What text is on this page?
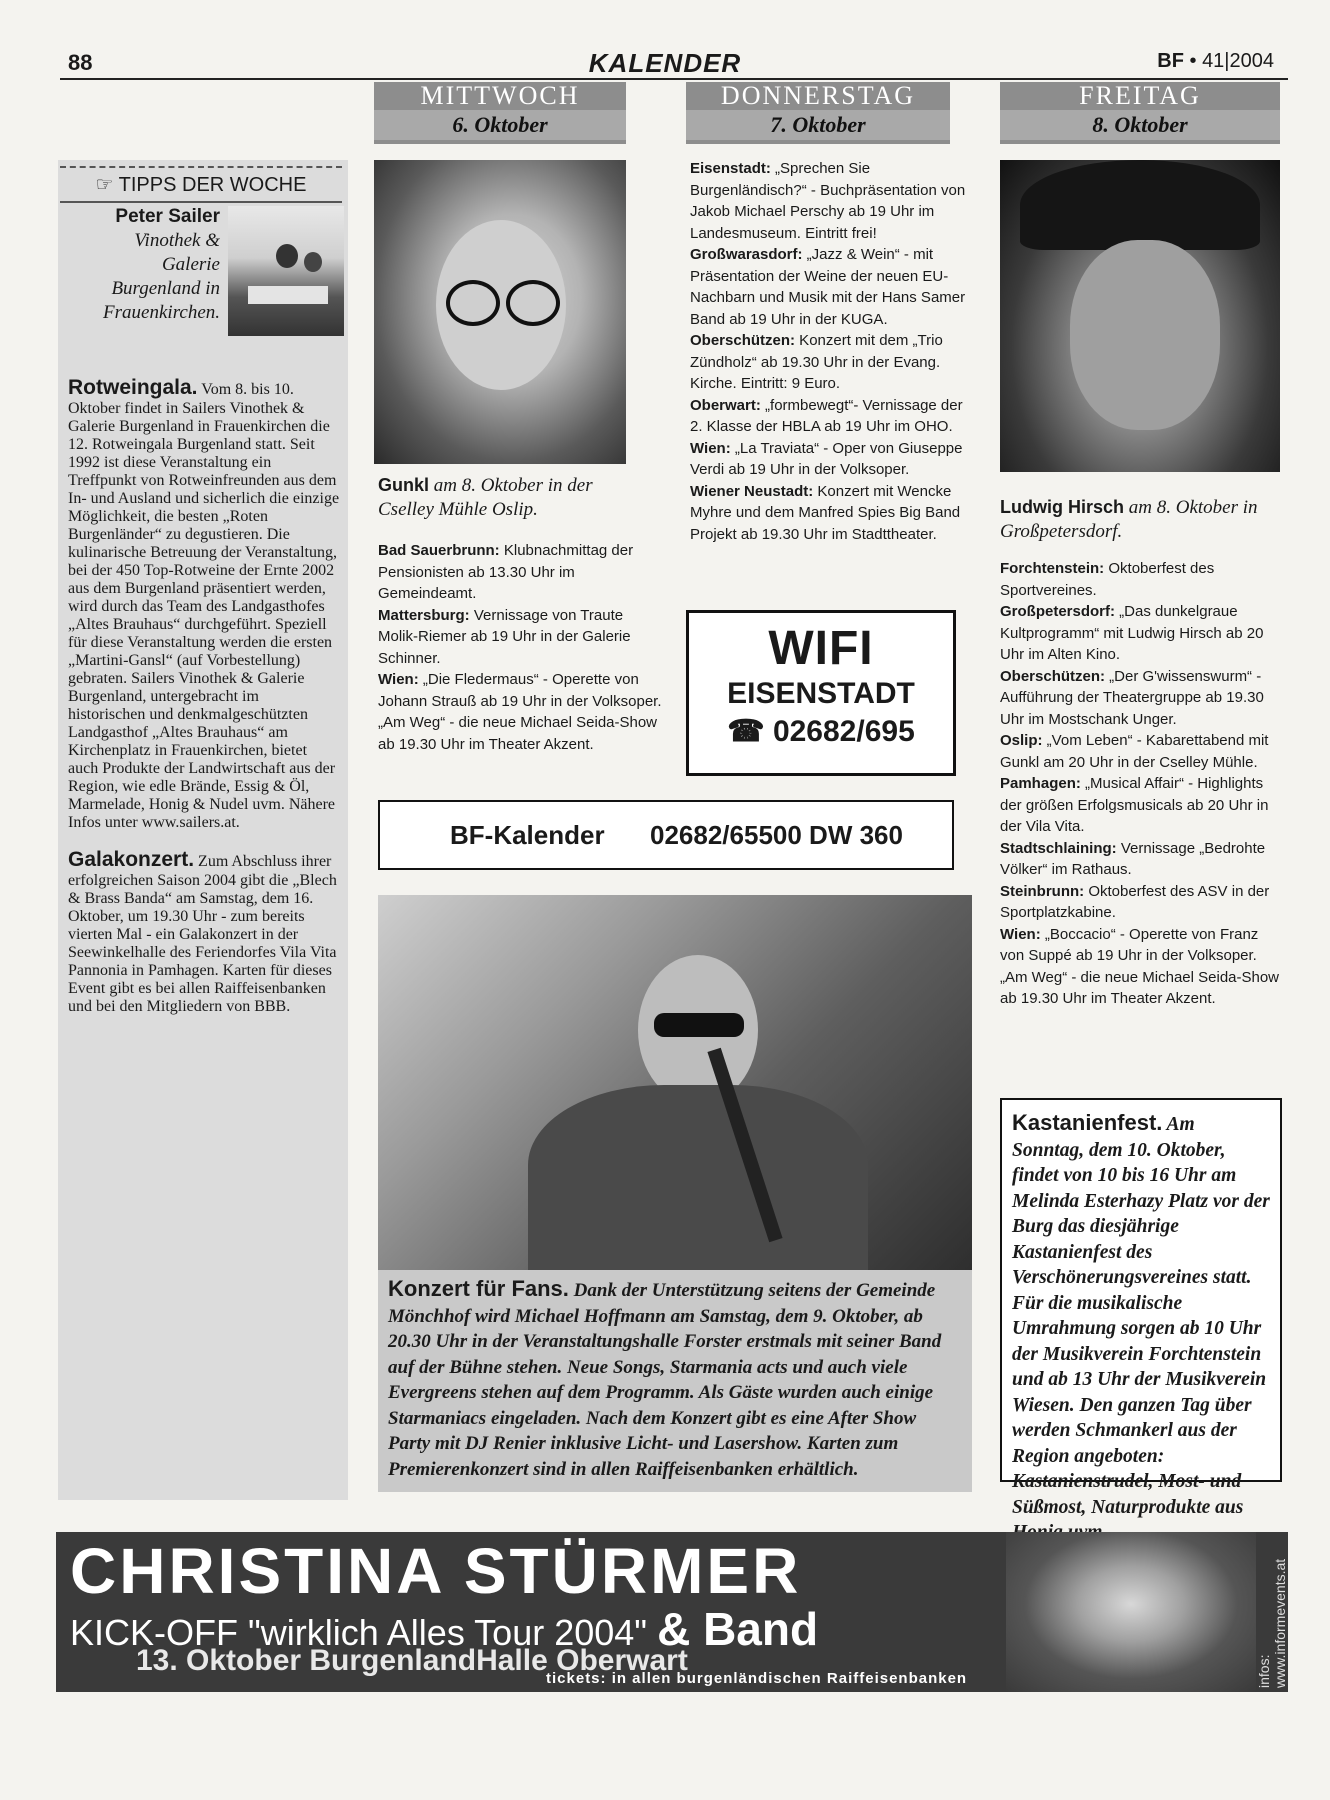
88	KALENDER	BF • 41|2004
MITTWOCH
6. Oktober
DONNERSTAG
7. Oktober
FREITAG
8. Oktober
☞ TIPPS DER WOCHE
Peter Sailer
Vinothek & Galerie Burgenland in Frauenkirchen.

Rotweingala. Vom 8. bis 10. Oktober findet in Sailers Vinothek & Galerie Burgenland in Frauenkirchen die 12. Rotweingala Burgenland statt. Seit 1992 ist diese Veranstaltung ein Treffpunkt von Rotweinfreunden aus dem In- und Ausland und sicherlich die einzige Möglichkeit, die besten „Roten Burgenländer“ zu degustieren. Die kulinarische Betreuung der Veranstaltung, bei der 450 Top-Rotweine der Ernte 2002 aus dem Burgenland präsentiert werden, wird durch das Team des Landgasthofes „Altes Brauhaus“ durchgeführt. Speziell für diese Veranstaltung werden die ersten „Martini-Gansl“ (auf Vorbestellung) gebraten. Sailers Vinothek & Galerie Burgenland, untergebracht im historischen und denkmalgeschützten Landgasthof „Altes Brauhaus“ am Kirchenplatz in Frauenkirchen, bietet auch Produkte der Landwirtschaft aus der Region, wie edle Brände, Essig & Öl, Marmelade, Honig & Nudel uvm. Nähere Infos unter www.sailers.at.

Galakonzert. Zum Abschluss ihrer erfolgreichen Saison 2004 gibt die „Blech & Brass Banda“ am Samstag, dem 16. Oktober, um 19.30 Uhr - zum bereits vierten Mal - ein Galakonzert in der Seewinkelhalle des Feriendorfes Vila Vita Pannonia in Pamhagen. Karten für dieses Event gibt es bei allen Raiffeisenbanken und bei den Mitgliedern von BBB.

Gunkl am 8. Oktober in der Cselley Mühle Oslip.

Bad Sauerbrunn: Klubnachmittag der Pensionisten ab 13.30 Uhr im Gemeindeamt.

Mattersburg: Vernissage von Traute Molik-Riemer ab 19 Uhr in der Galerie Schinner.

Wien: „Die Fledermaus“ - Operette von Johann Strauß ab 19 Uhr in der Volksoper.

„Am Weg“ - die neue Michael Seida-Show ab 19.30 Uhr im Theater Akzent.

Eisenstadt: „Sprechen Sie Burgenländisch?“ - Buchpräsentation von Jakob Michael Perschy ab 19 Uhr im Landesmuseum. Eintritt frei!

Großwarasdorf: „Jazz & Wein“ - mit Präsentation der Weine der neuen EU-Nachbarn und Musik mit der Hans Samer Band ab 19 Uhr in der KUGA.

Oberschützen: Konzert mit dem „Trio Zündholz“ ab 19.30 Uhr in der Evang. Kirche. Eintritt: 9 Euro.

Oberwart: „formbewegt“- Vernissage der 2. Klasse der HBLA ab 19 Uhr im OHO.

Wien: „La Traviata“ - Oper von Giuseppe Verdi ab 19 Uhr in der Volksoper.

Wiener Neustadt: Konzert mit Wencke Myhre und dem Manfred Spies Big Band Projekt ab 19.30 Uhr im Stadttheater.

WIFI
EISENSTADT
☎ 02682/695
BF-Kalender 02682/65500 DW 360

Konzert für Fans. Dank der Unterstützung seitens der Gemeinde Mönchhof wird Michael Hoffmann am Samstag, dem 9. Oktober, ab 20.30 Uhr in der Veranstaltungshalle Forster erstmals mit seiner Band auf der Bühne stehen. Neue Songs, Starmania acts und auch viele Evergreens stehen auf dem Programm. Als Gäste wurden auch einige Starmaniacs eingeladen. Nach dem Konzert gibt es eine After Show Party mit DJ Renier inklusive Licht- und Lasershow. Karten zum Premierenkonzert sind in allen Raiffeisenbanken erhältlich.

Ludwig Hirsch am 8. Oktober in Großpetersdorf.

Forchtenstein: Oktoberfest des Sportvereines.

Großpetersdorf: „Das dunkelgraue Kultprogramm“ mit Ludwig Hirsch ab 20 Uhr im Alten Kino.

Oberschützen: „Der G'wissenswurm“ - Aufführung der Theatergruppe ab 19.30 Uhr im Mostschank Unger.

Oslip: „Vom Leben“ - Kabarettabend mit Gunkl am 20 Uhr in der Cselley Mühle.

Pamhagen: „Musical Affair“ - Highlights der größen Erfolgsmusicals ab 20 Uhr in der Vila Vita.

Stadtschlaining: Vernissage „Bedrohte Völker“ im Rathaus.

Steinbrunn: Oktoberfest des ASV in der Sportplatzkabine.

Wien: „Boccacio“ - Operette von Franz von Suppé ab 19 Uhr in der Volksoper.

„Am Weg“ - die neue Michael Seida-Show ab 19.30 Uhr im Theater Akzent.

Kastanienfest. Am Sonntag, dem 10. Oktober, findet von 10 bis 16 Uhr am Melinda Esterhazy Platz vor der Burg das diesjährige Kastanienfest des Verschönerungsvereines statt. Für die musikalische Umrahmung sorgen ab 10 Uhr der Musikverein Forchtenstein und ab 13 Uhr der Musikverein Wiesen. Den ganzen Tag über werden Schmankerl aus der Region angeboten: Kastanienstrudel, Most- und Süßmost, Naturprodukte aus

CHRISTINA STÜRMER
KICK-OFF "wirklich Alles Tour 2004" & Band
13. Oktober BurgenlandHalle Oberwart
tickets: in allen burgenländischen Raiffeisenbanken	infos: www.informevents.at
